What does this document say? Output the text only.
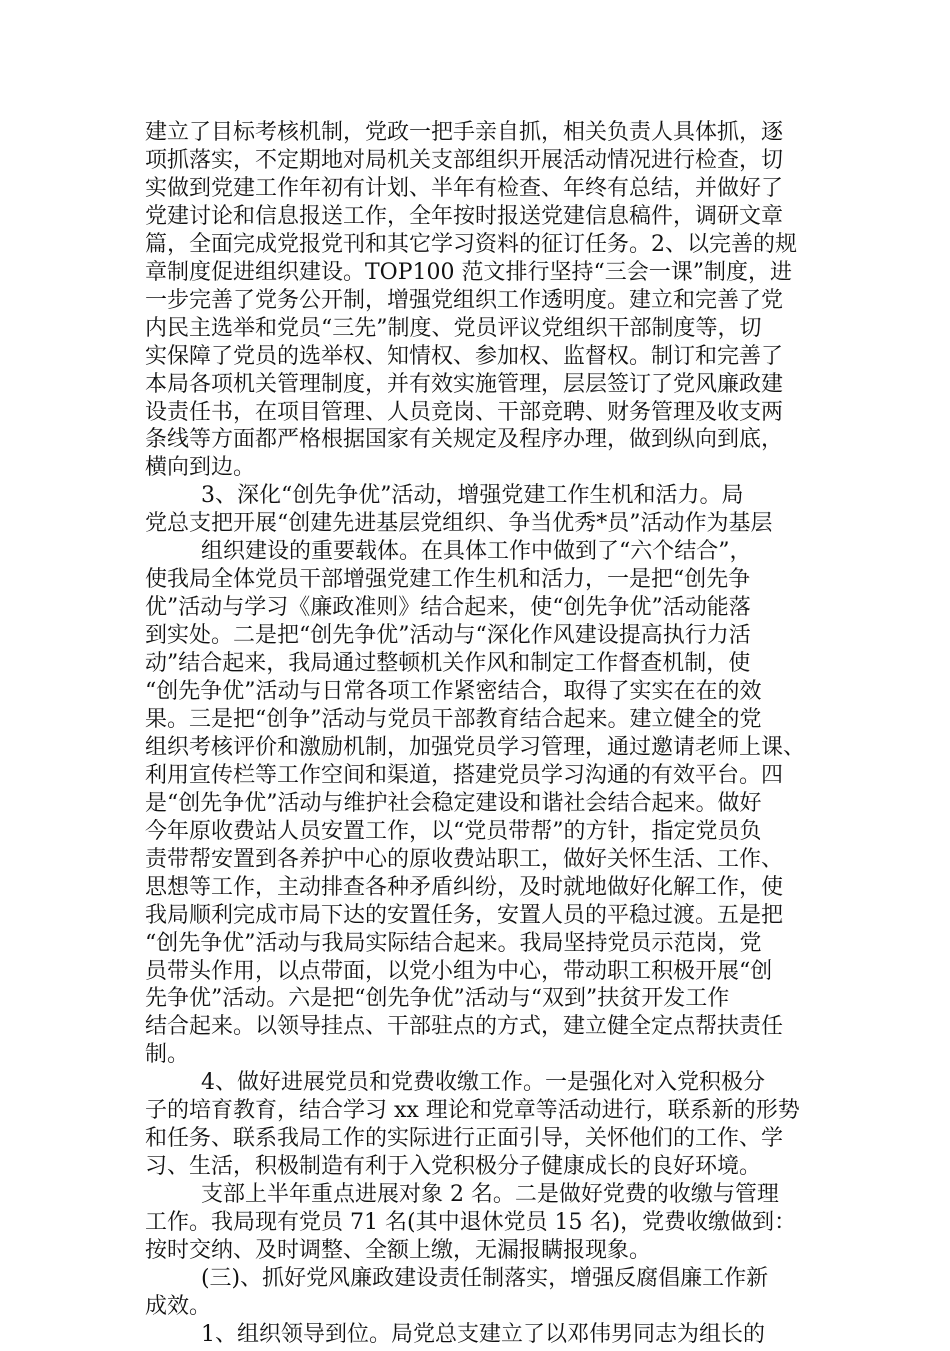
建立了目标考核机制，党政一把手亲自抓，相关负责人具体抓，逐
项抓落实，不定期地对局机关支部组织开展活动情况进行检查，切
实做到党建工作年初有计划、半年有检查、年终有总结，并做好了
党建讨论和信息报送工作，全年按时报送党建信息稿件，调研文章
篇，全面完成党报党刊和其它学习资料的征订任务。2、以完善的规
章制度促进组织建设。TOP100 范文排行坚持“三会一课”制度，进
一步完善了党务公开制，增强党组织工作透明度。建立和完善了党
内民主选举和党员“三先”制度、党员评议党组织干部制度等，切
实保障了党员的选举权、知情权、参加权、监督权。制订和完善了
本局各项机关管理制度，并有效实施管理，层层签订了党风廉政建
设责任书，在项目管理、人员竞岗、干部竞聘、财务管理及收支两
条线等方面都严格根据国家有关规定及程序办理，做到纵向到底，
横向到边。
3、深化“创先争优”活动，增强党建工作生机和活力。局
党总支把开展“创建先进基层党组织、争当优秀*员”活动作为基层
组织建设的重要载体。在具体工作中做到了“六个结合”，
使我局全体党员干部增强党建工作生机和活力，一是把“创先争
优”活动与学习《廉政准则》结合起来，使“创先争优”活动能落
到实处。二是把“创先争优”活动与“深化作风建设提高执行力活
动”结合起来，我局通过整顿机关作风和制定工作督查机制，使
“创先争优”活动与日常各项工作紧密结合，取得了实实在在的效
果。三是把“创争”活动与党员干部教育结合起来。建立健全的党
组织考核评价和激励机制，加强党员学习管理，通过邀请老师上课、
利用宣传栏等工作空间和渠道，搭建党员学习沟通的有效平台。四
是“创先争优”活动与维护社会稳定建设和谐社会结合起来。做好
今年原收费站人员安置工作，以“党员带帮”的方针，指定党员负
责带帮安置到各养护中心的原收费站职工，做好关怀生活、工作、
思想等工作，主动排查各种矛盾纠纷，及时就地做好化解工作，使
我局顺利完成市局下达的安置任务，安置人员的平稳过渡。五是把
“创先争优”活动与我局实际结合起来。我局坚持党员示范岗，党
员带头作用，以点带面，以党小组为中心，带动职工积极开展“创
先争优”活动。六是把“创先争优”活动与“双到”扶贫开发工作
结合起来。以领导挂点、干部驻点的方式，建立健全定点帮扶责任
制。
4、做好进展党员和党费收缴工作。一是强化对入党积极分
子的培育教育，结合学习 xx 理论和党章等活动进行，联系新的形势
和任务、联系我局工作的实际进行正面引导，关怀他们的工作、学
习、生活，积极制造有利于入党积极分子健康成长的良好环境。
支部上半年重点进展对象 2 名。二是做好党费的收缴与管理
工作。我局现有党员 71 名(其中退休党员 15 名)，党费收缴做到：
按时交纳、及时调整、全额上缴，无漏报瞒报现象。
(三)、抓好党风廉政建设责任制落实，增强反腐倡廉工作新
成效。
1、组织领导到位。局党总支建立了以邓伟男同志为组长的
